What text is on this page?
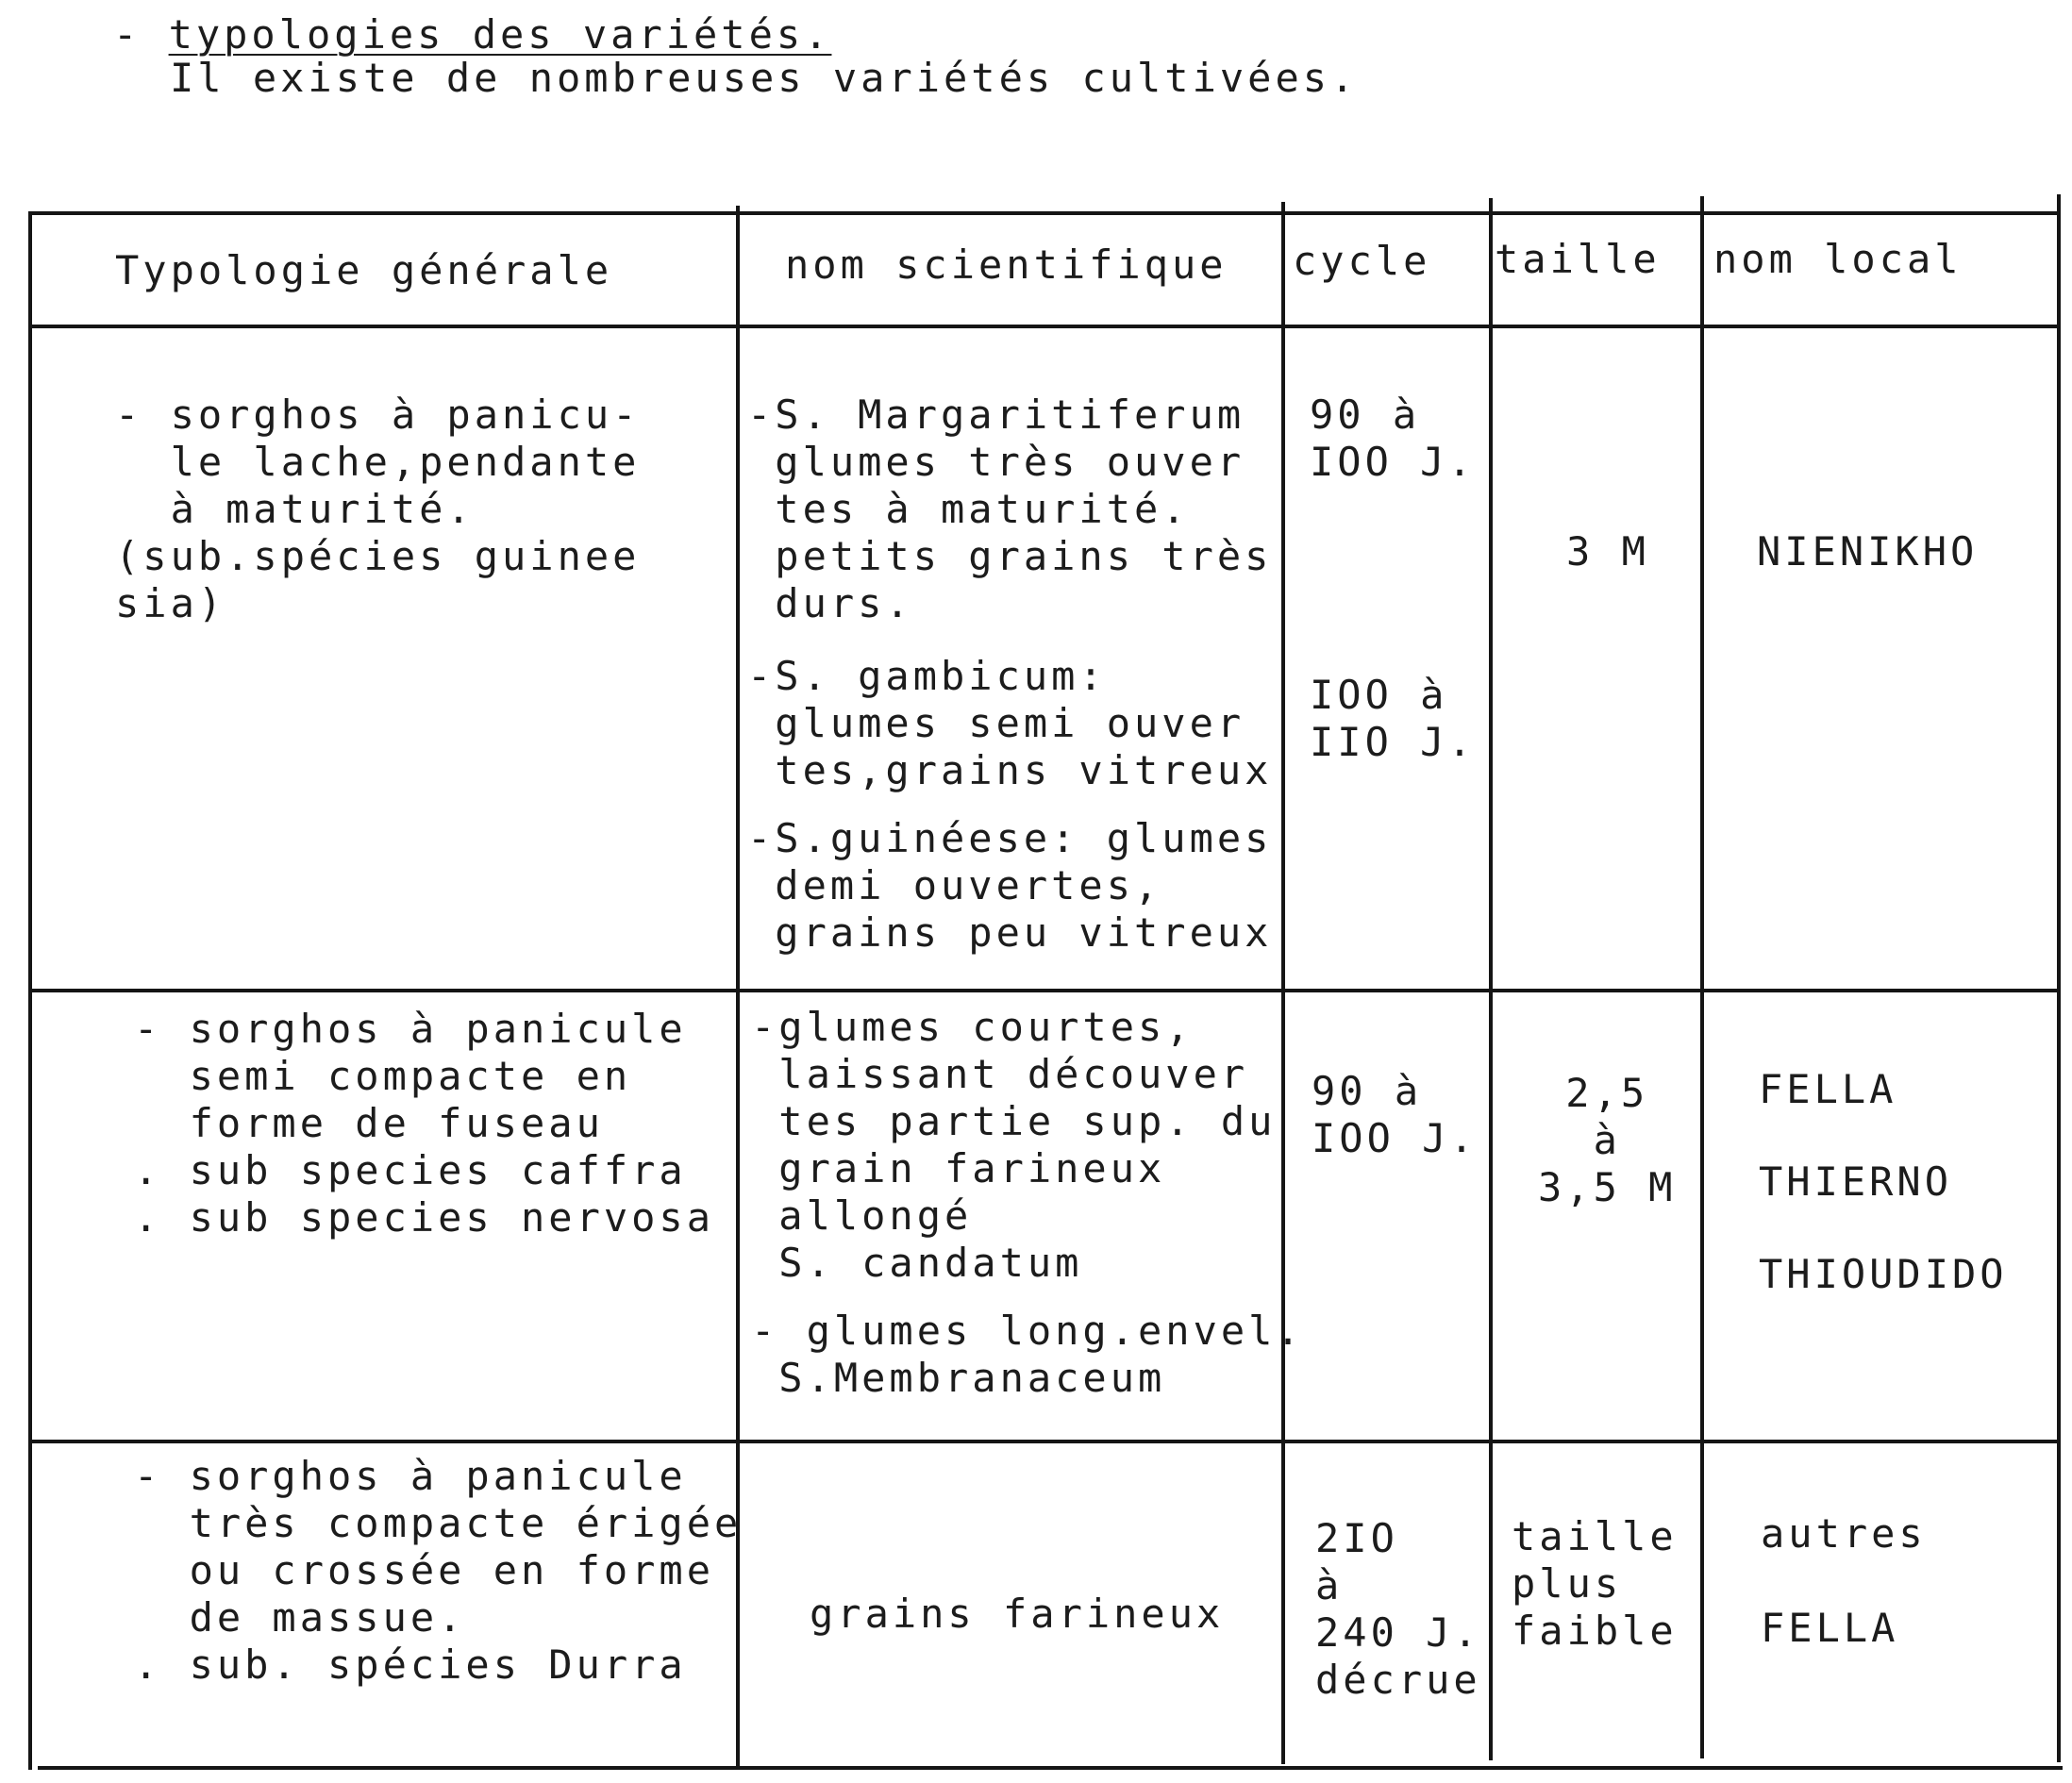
- typologies des variétés.
Il existe de nombreuses variétés cultivées.
Typologie générale	nom scientifique cycle taille nom local
- sorghos à panicu-
le lache,pendante
à maturité.
(sub.spécies guinee
sia)
-S. Margaritiferum
glumes très ouver
tes à maturité.
petits grains très
durs.
-S. gambicum:
glumes semi ouver
tes,grains vitreux
-S.guinéese: glumes
demi ouvertes,
grains peu vitreux
90 à
IOO J.
IOO à
IIO J.
3 M	NIENIKHO
- sorghos à panicule
semi compacte en
forme de fuseau
. sub species caffra
. sub species nervosa
-glumes courtes,
laissant découver
tes partie sup. du
grain farineux
allongé
S. candatum
- glumes long.envel.
S.Membranaceum
90 à
IOO J.
2,5
à
3,5 M
FELLA
THIERNO
THIOUDIDO
- sorghos à panicule
très compacte érigée
ou crossée en forme
de massue.
. sub. spécies Durra
grains farineux
2IO
à
240 J.
décrue
taille
plus
faible
autres
FELLA
